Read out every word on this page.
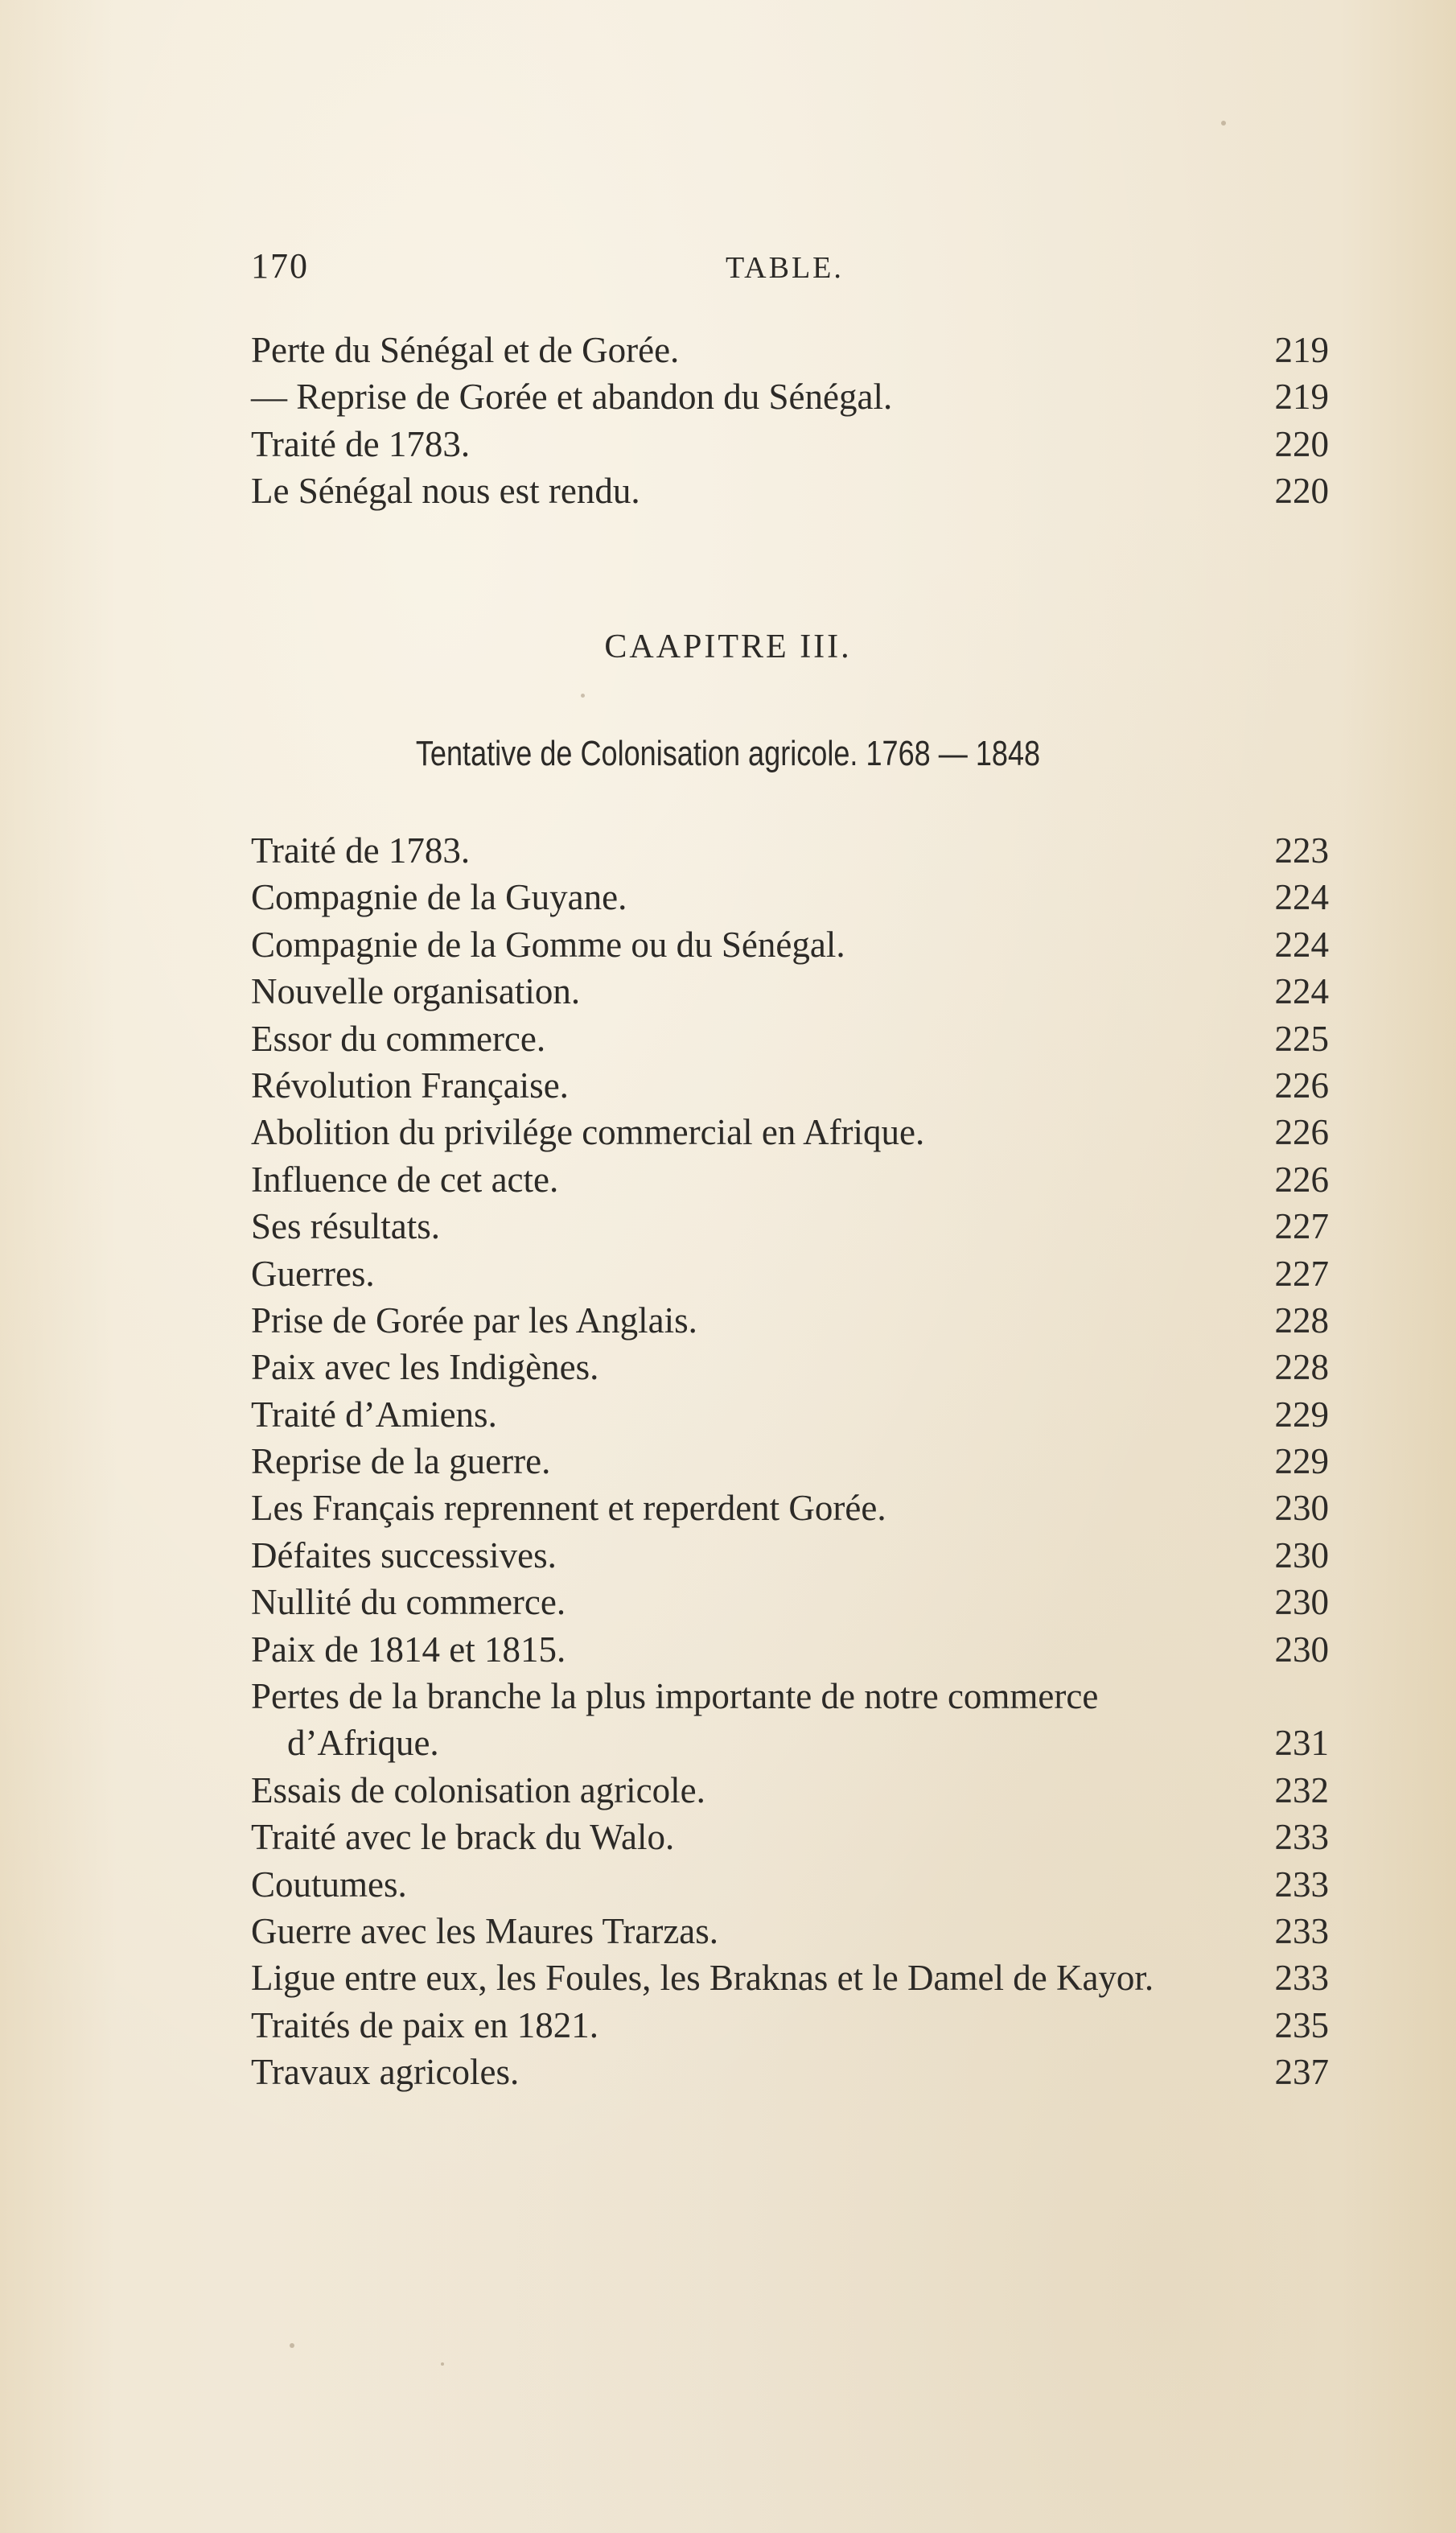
170	TABLE.
Perte du Sénégal et de Gorée.	219
— Reprise de Gorée et abandon du Sénégal.	219
Traité de 1783.	220
Le Sénégal nous est rendu.	220
CAAPITRE III.
Tentative de Colonisation agricole. 1768 — 1848
Traité de 1783.	223
Compagnie de la Guyane.	224
Compagnie de la Gomme ou du Sénégal.	224
Nouvelle organisation.	224
Essor du commerce.	225
Révolution Française.	226
Abolition du privilége commercial en Afrique.	226
Influence de cet acte.	226
Ses résultats.	227
Guerres.	227
Prise de Gorée par les Anglais.	228
Paix avec les Indigènes.	228
Traité d’Amiens.	229
Reprise de la guerre.	229
Les Français reprennent et reperdent Gorée.	230
Défaites successives.	230
Nullité du commerce.	230
Paix de 1814 et 1815.	230
Pertes de la branche la plus importante de notre commerce
d’Afrique.	231
Essais de colonisation agricole.	232
Traité avec le brack du Walo.	233
Coutumes.	233
Guerre avec les Maures Trarzas.	233
Ligue entre eux, les Foules, les Braknas et le Damel de Kayor.	233
Traités de paix en 1821.	235
Travaux agricoles.	237
